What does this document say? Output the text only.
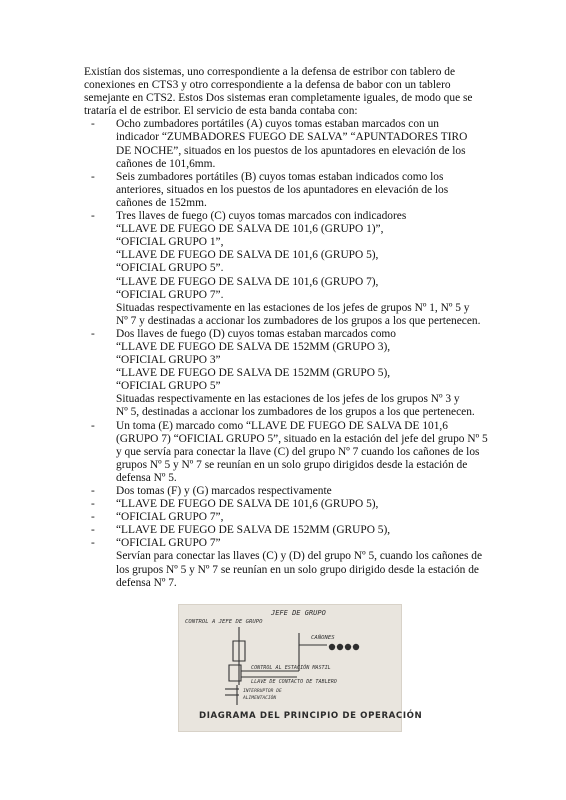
Existían dos sistemas, uno correspondiente a la defensa de estribor con tablero de
conexiones en CTS3 y otro correspondiente a la defensa de babor con un tablero
semejante en CTS2. Estos Dos sistemas eran completamente iguales, de modo que se
trataría el de estribor. El servicio de esta banda contaba con:
- Ocho zumbadores portátiles (A) cuyos tomas estaban marcados con un
indicador “ZUMBADORES FUEGO DE SALVA” “APUNTADORES TIRO
DE NOCHE”, situados en los puestos de los apuntadores en elevación de los
cañones de 101,6mm.
- Seis zumbadores portátiles (B) cuyos tomas estaban indicados como los
anteriores, situados en los puestos de los apuntadores en elevación de los
cañones de 152mm.
- Tres llaves de fuego (C) cuyos tomas marcados con indicadores
“LLAVE DE FUEGO DE SALVA DE 101,6 (GRUPO 1)”,
“OFICIAL GRUPO 1”,
“LLAVE DE FUEGO DE SALVA DE 101,6 (GRUPO 5),
“OFICIAL GRUPO 5”.
“LLAVE DE FUEGO DE SALVA DE 101,6 (GRUPO 7),
“OFICIAL GRUPO 7”.
Situadas respectivamente en las estaciones de los jefes de grupos Nº 1, Nº 5 y
Nº 7 y destinadas a accionar los zumbadores de los grupos a los que pertenecen.
- Dos llaves de fuego (D) cuyos tomas estaban marcados como
“LLAVE DE FUEGO DE SALVA DE 152MM (GRUPO 3),
“OFICIAL GRUPO 3”
“LLAVE DE FUEGO DE SALVA DE 152MM (GRUPO 5),
“OFICIAL GRUPO 5”
Situadas respectivamente en las estaciones de los jefes de los grupos Nº 3 y
Nº 5, destinadas a accionar los zumbadores de los grupos a los que pertenecen.
- Un toma (E) marcado como “LLAVE DE FUEGO DE SALVA DE 101,6
(GRUPO 7) “OFICIAL GRUPO 5”, situado en la estación del jefe del grupo Nº 5
y que servía para conectar la llave (C) del grupo Nº 7 cuando los cañones de los
grupos Nº 5 y Nº 7 se reunían en un solo grupo dirigidos desde la estación de
defensa Nº 5.
- Dos tomas (F) y (G) marcados respectivamente
- “LLAVE DE FUEGO DE SALVA DE 101,6 (GRUPO 5),
- “OFICIAL GRUPO 7”,
- “LLAVE DE FUEGO DE SALVA DE 152MM (GRUPO 5),
- “OFICIAL GRUPO 7”
Servían para conectar las llaves (C) y (D) del grupo Nº 5, cuando los cañones de
los grupos Nº 5 y Nº 7 se reunían en un solo grupo dirigido desde la estación de
defensa Nº 7.
JEFE DE GRUPO
CONTROL A JEFE DE GRUPO
CAÑONES
CONTROL AL ESTACIÓN MASTIL
LLAVE DE CONTACTO DE TABLERO
INTERRUPTOR DE
ALIMENTACIÓN
DIAGRAMA DEL PRINCIPIO DE OPERACIÓN
